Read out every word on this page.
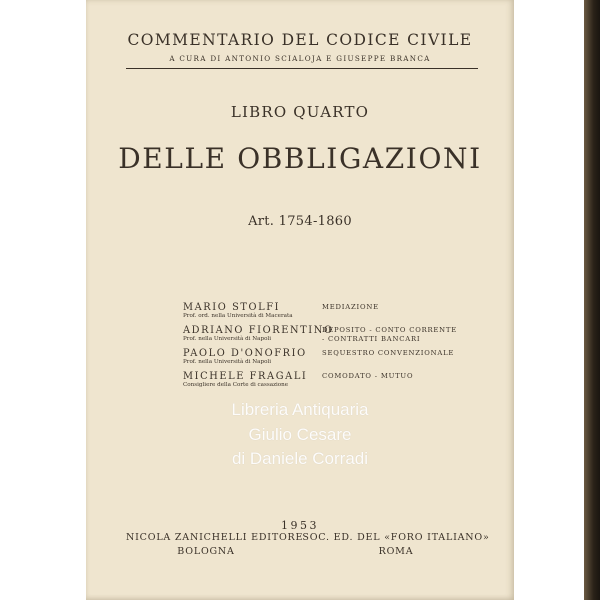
COMMENTARIO DEL CODICE CIVILE
A CURA DI ANTONIO SCIALOJA E GIUSEPPE BRANCA
LIBRO QUARTO
DELLE OBBLIGAZIONI
Art. 1754-1860
MARIO STOLFI
Prof. ord. nella Università di Macerata
MEDIAZIONE
ADRIANO FIORENTINO
Prof. nella Università di Napoli
DEPOSITO - CONTO CORRENTE
- CONTRATTI BANCARI
PAOLO D'ONOFRIO
Prof. nella Università di Napoli
SEQUESTRO CONVENZIONALE
MICHELE FRAGALI
Consigliere della Corte di cassazione
COMODATO - MUTUO
Libreria Antiquaria
Giulio Cesare
di Daniele Corradi
1953
NICOLA ZANICHELLI EDITORE
BOLOGNA
SOC. ED. DEL «FORO ITALIANO»
ROMA
